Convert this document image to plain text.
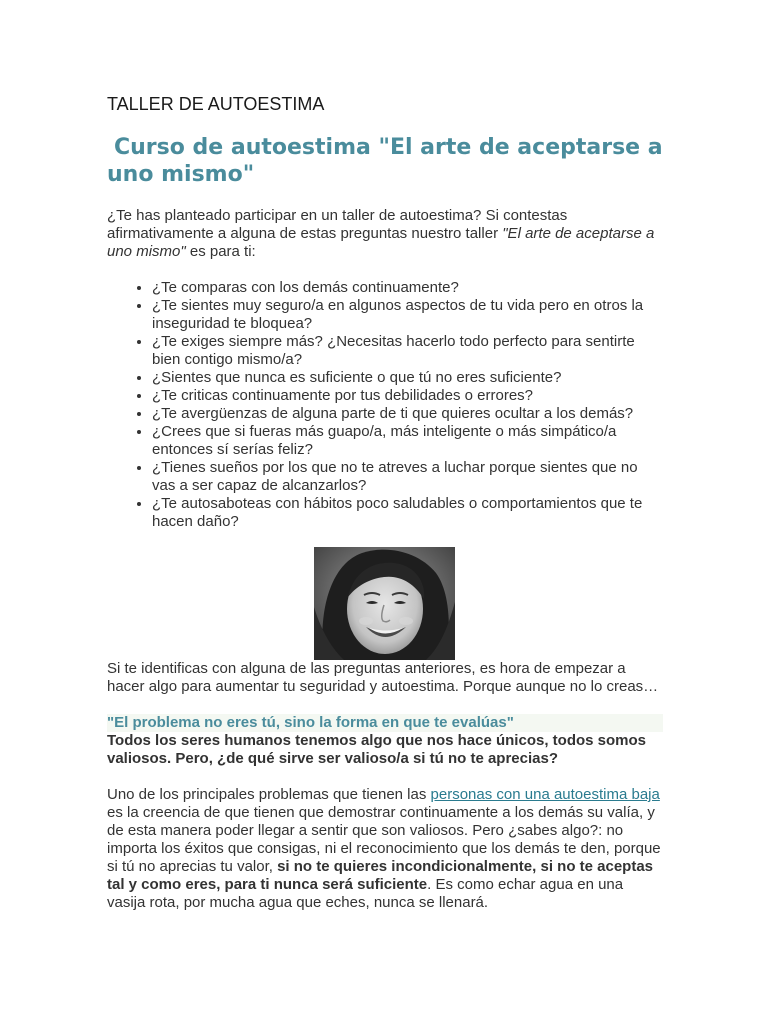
TALLER DE AUTOESTIMA
Curso de autoestima "El arte de aceptarse a uno mismo"

¿Te has planteado participar en un taller de autoestima? Si contestas afirmativamente a alguna de estas preguntas nuestro taller "El arte de aceptarse a uno mismo" es para ti:

• ¿Te comparas con los demás continuamente?
• ¿Te sientes muy seguro/a en algunos aspectos de tu vida pero en otros la inseguridad te bloquea?
• ¿Te exiges siempre más? ¿Necesitas hacerlo todo perfecto para sentirte bien contigo mismo/a?
• ¿Sientes que nunca es suficiente o que tú no eres suficiente?
• ¿Te criticas continuamente por tus debilidades o errores?
• ¿Te avergüenzas de alguna parte de ti que quieres ocultar a los demás?
• ¿Crees que si fueras más guapo/a, más inteligente o más simpático/a entonces sí serías feliz?
• ¿Tienes sueños por los que no te atreves a luchar porque sientes que no vas a ser capaz de alcanzarlos?
• ¿Te autosaboteas con hábitos poco saludables o comportamientos que te hacen daño?

Si te identificas con alguna de las preguntas anteriores, es hora de empezar a hacer algo para aumentar tu seguridad y autoestima. Porque aunque no lo creas…

"El problema no eres tú, sino la forma en que te evalúas"

Todos los seres humanos tenemos algo que nos hace únicos, todos somos valiosos. Pero, ¿de qué sirve ser valioso/a si tú no te aprecias?

Uno de los principales problemas que tienen las personas con una autoestima baja es la creencia de que tienen que demostrar continuamente a los demás su valía, y de esta manera poder llegar a sentir que son valiosos. Pero ¿sabes algo?: no importa los éxitos que consigas, ni el reconocimiento que los demás te den, porque si tú no aprecias tu valor, si no te quieres incondicionalmente, si no te aceptas tal y como eres, para ti nunca será suficiente. Es como echar agua en una vasija rota, por mucha agua que eches, nunca se llenará.
